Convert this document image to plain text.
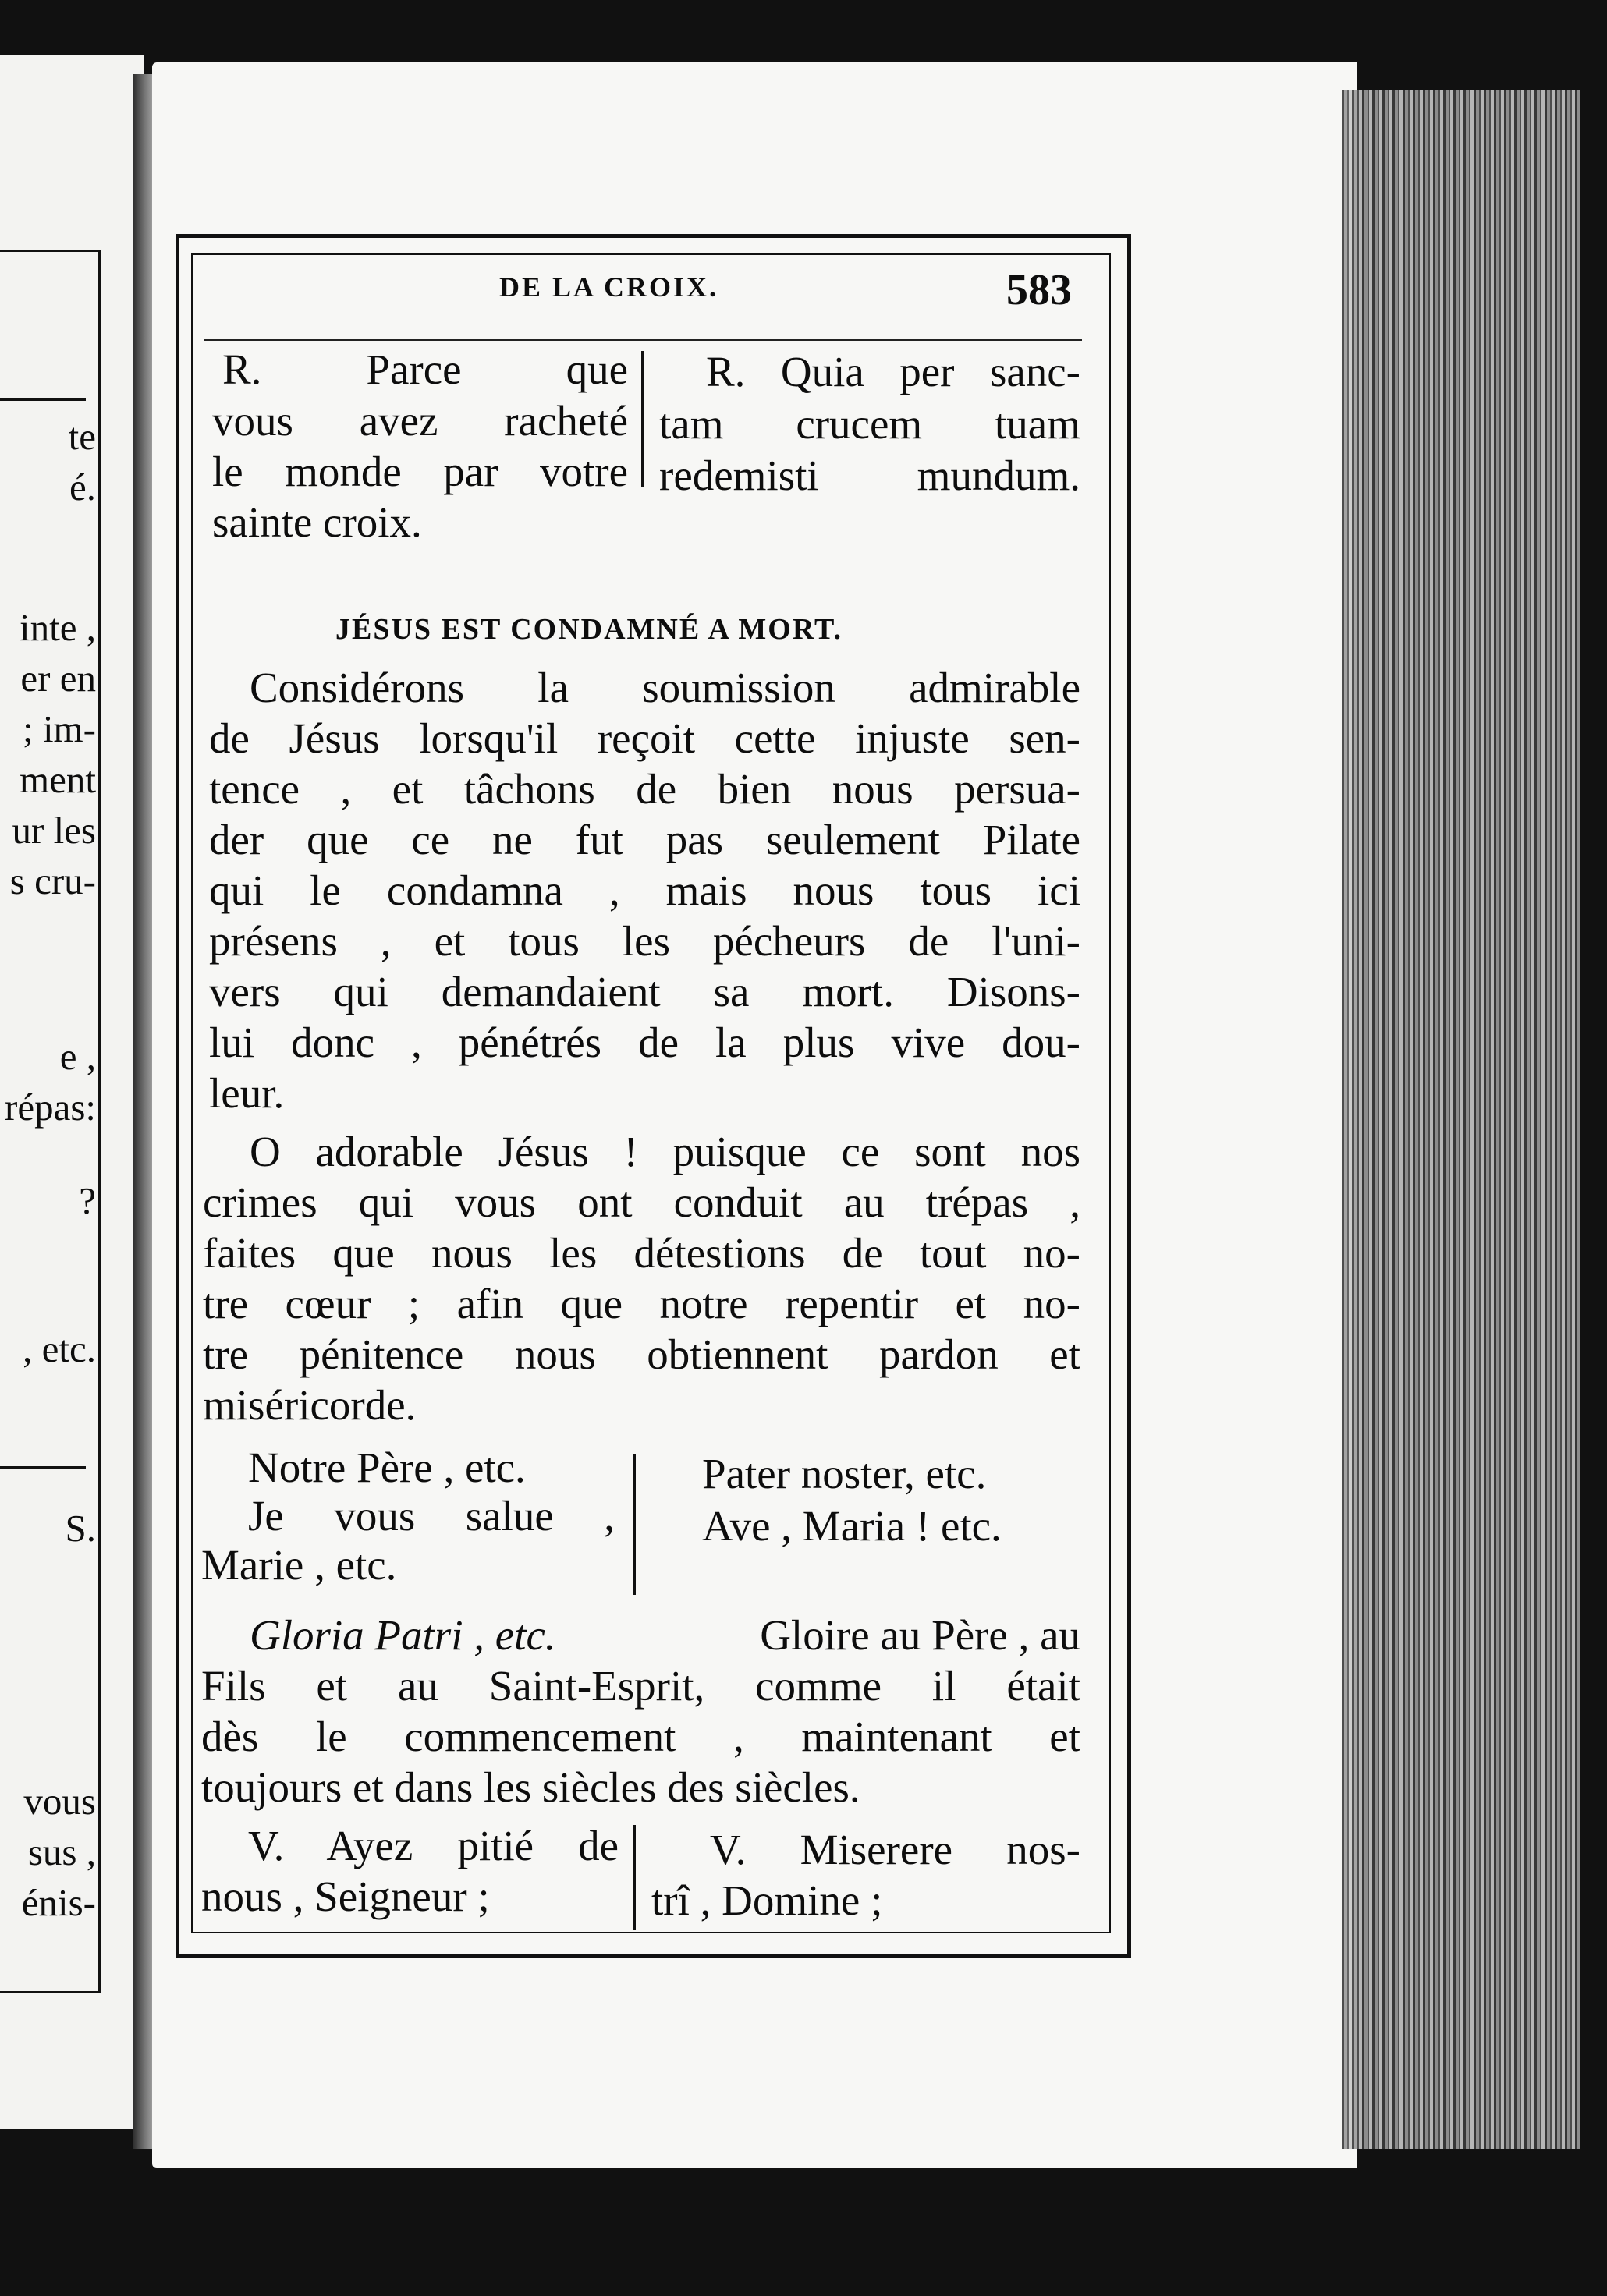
te
é.
inte ,
er en
; im-
ment
ur les
s cru-
e ,
répas:
?
, etc.
S.
vous
sus ,
énis-
DE LA CROIX.	583
R. Parce que
vous avez racheté
le monde par votre
sainte croix.
R. Quia per sanc-
tam crucem tuam
redemisti mundum.
JÉSUS EST CONDAMNÉ A MORT.
Considérons la soumission admirable
de Jésus lorsqu'il reçoit cette injuste sen-
tence , et tâchons de bien nous persua-
der que ce ne fut pas seulement Pilate
qui le condamna , mais nous tous ici
présens , et tous les pécheurs de l'uni-
vers qui demandaient sa mort. Disons-
lui donc , pénétrés de la plus vive dou-
leur.
O adorable Jésus ! puisque ce sont nos
crimes qui vous ont conduit au trépas ,
faites que nous les détestions de tout no-
tre cœur ; afin que notre repentir et no-
tre pénitence nous obtiennent pardon et
miséricorde.
Notre Père , etc.
Je vous salue ,
Marie , etc.
Pater noster, etc.
Ave , Maria ! etc.
Gloria Patri , etc.	Gloire au Père , au
Fils et au Saint-Esprit, comme il était
dès le commencement , maintenant et
toujours et dans les siècles des siècles.
V. Ayez pitié de
nous , Seigneur ;
V. Miserere nos-
trî , Domine ;
